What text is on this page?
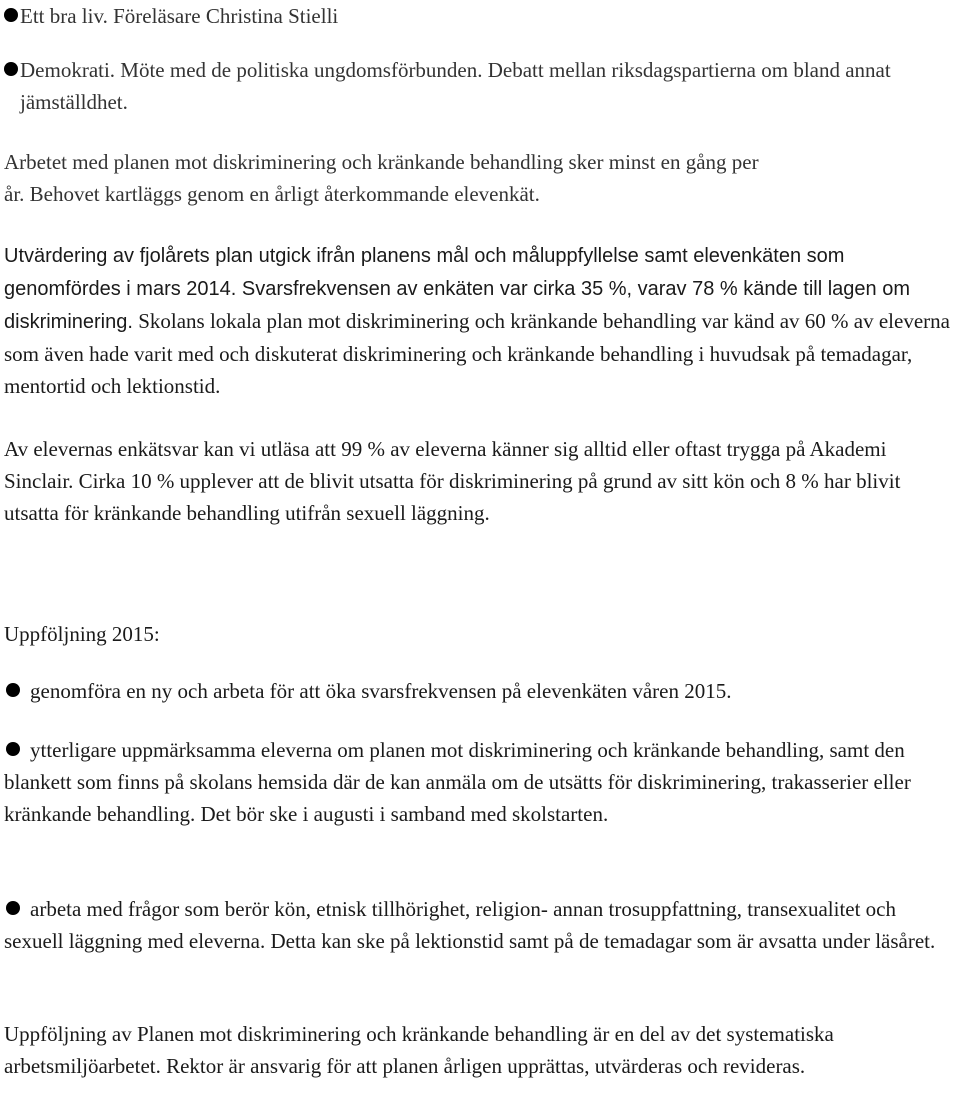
Ett bra liv. Föreläsare Christina Stielli
Demokrati. Möte med de politiska ungdomsförbunden. Debatt mellan riksdagspartierna om bland annat jämställdhet.

Arbetet med planen mot diskriminering och kränkande behandling sker minst en gång per år. Behovet kartläggs genom en årligt återkommande elevenkät.

Utvärdering av fjolårets plan utgick ifrån planens mål och måluppfyllelse samt elevenkäten som genomfördes i mars 2014. Svarsfrekvensen av enkäten var cirka 35 %, varav 78 % kände till lagen om diskriminering. Skolans lokala plan mot diskriminering och kränkande behandling var känd av 60 % av eleverna som även hade varit med och diskuterat diskriminering och kränkande behandling i huvudsak på temadagar, mentortid och lektionstid.

Av elevernas enkätsvar kan vi utläsa att 99 % av eleverna känner sig alltid eller oftast trygga på Akademi Sinclair. Cirka 10 % upplever att de blivit utsatta för diskriminering på grund av sitt kön och 8 % har blivit utsatta för kränkande behandling utifrån sexuell läggning.

Uppföljning 2015:

genomföra en ny och arbeta för att öka svarsfrekvensen på elevenkäten våren 2015.
ytterligare uppmärksamma eleverna om planen mot diskriminering och kränkande behandling, samt den blankett som finns på skolans hemsida där de kan anmäla om de utsätts för diskriminering, trakasserier eller kränkande behandling. Det bör ske i augusti i samband med skolstarten.
arbeta med frågor som berör kön, etnisk tillhörighet, religion- annan trosuppfattning, transexualitet och sexuell läggning med eleverna. Detta kan ske på lektionstid samt på de temadagar som är avsatta under läsåret.

Uppföljning av Planen mot diskriminering och kränkande behandling är en del av det systematiska arbetsmiljöarbetet. Rektor är ansvarig för att planen årligen upprättas, utvärderas och revideras.
